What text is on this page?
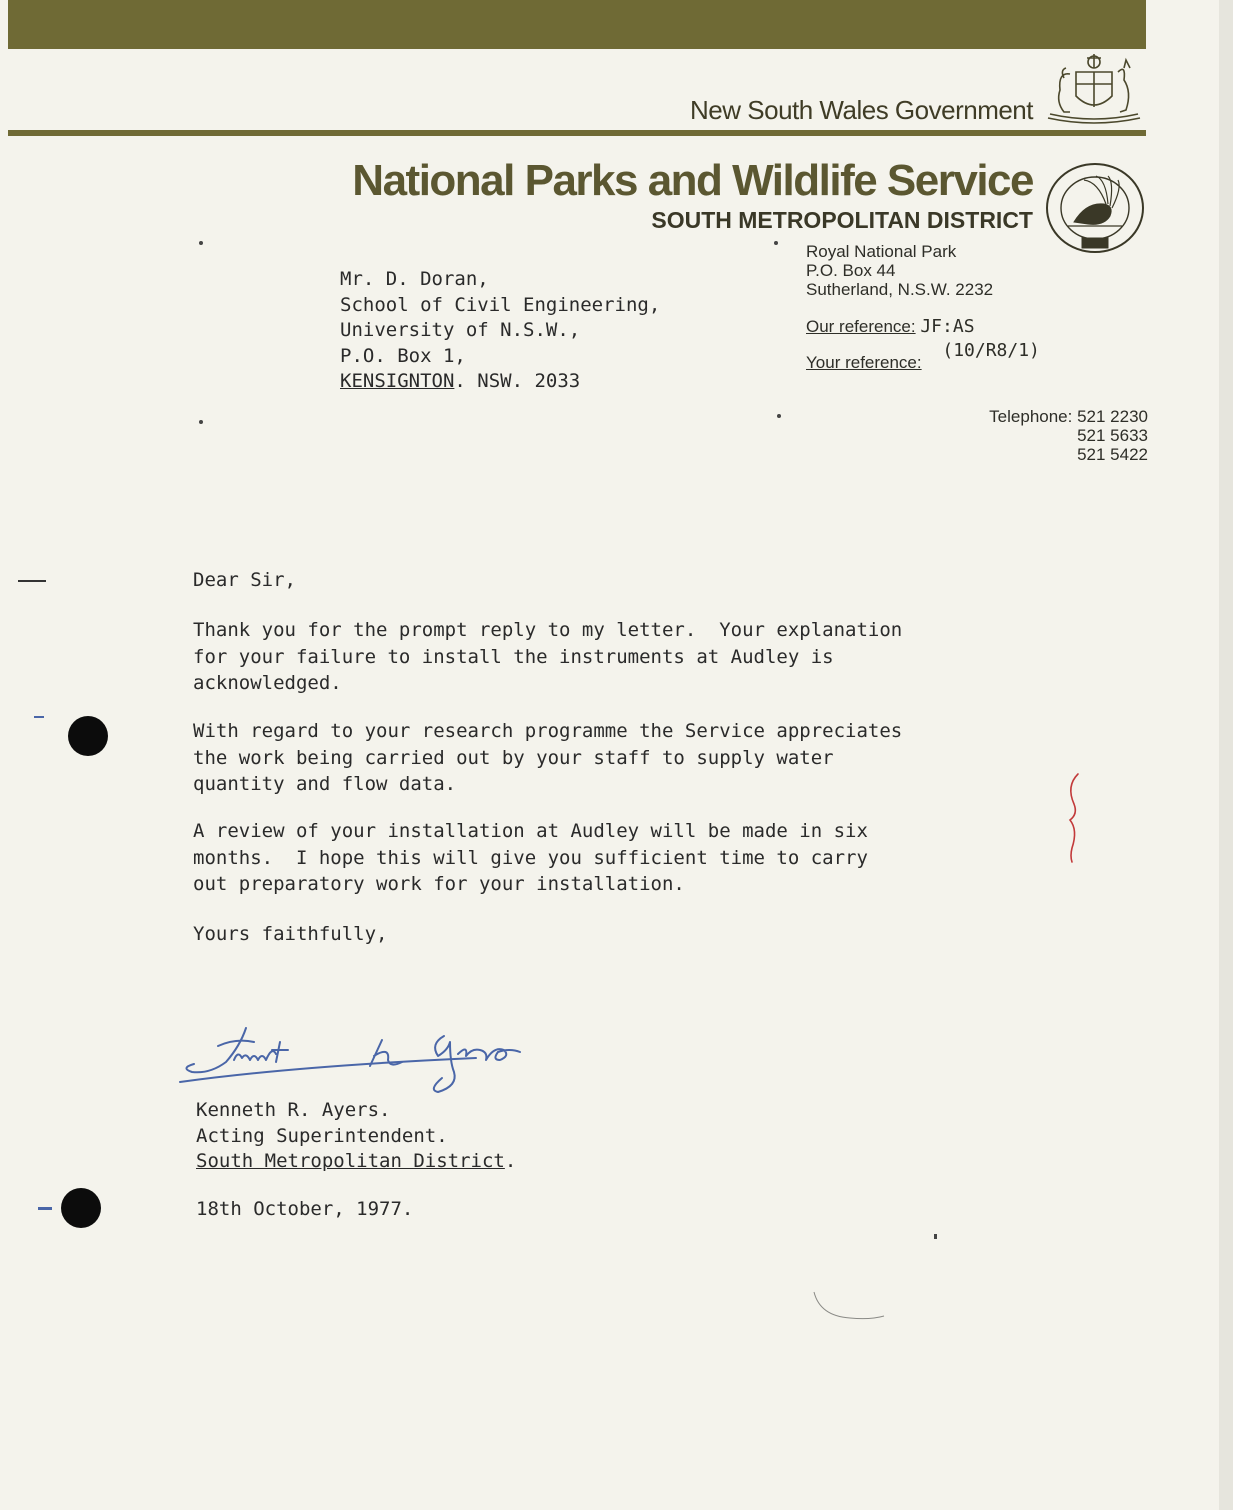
New South Wales Government
National Parks and Wildlife Service
SOUTH METROPOLITAN DISTRICT
Royal National Park
P.O. Box 44
Sutherland, N.S.W. 2232
Our reference: JF:AS
Your reference: (10/R8/1)
Telephone: 521 2230
521 5633
521 5422
Mr. D. Doran,
School of Civil Engineering,
University of N.S.W.,
P.O. Box 1,
KENSIGNTON. NSW. 2033
Dear Sir,
Thank you for the prompt reply to my letter.  Your explanation
for your failure to install the instruments at Audley is
acknowledged.
With regard to your research programme the Service appreciates
the work being carried out by your staff to supply water
quantity and flow data.
A review of your installation at Audley will be made in six
months.  I hope this will give you sufficient time to carry
out preparatory work for your installation.
Yours faithfully,
Kenneth R. Ayers.
Acting Superintendent.
South Metropolitan District.
18th October, 1977.
